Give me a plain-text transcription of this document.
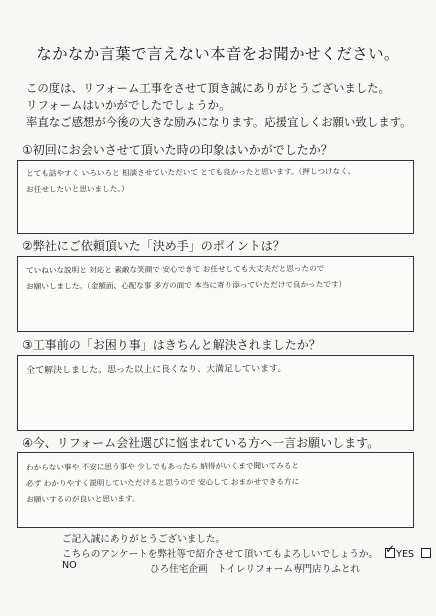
なかなか言葉で言えない本音をお聞かせください。
この度は、リフォーム工事をさせて頂き誠にありがとうございました。
リフォームはいかがでしたでしょうか。
率直なご感想が今後の大きな励みになります。応援宜しくお願い致します。
①初回にお会いさせて頂いた時の印象はいかがでしたか？
とても話やすく いろいろと 相談させていただいて とても良かったと思います。（押しつけなく、
お任せしたいと思いました。）
②弊社にご依頼頂いた「決め手」のポイントは？
ていねいな説明と 対応と 素敵な笑顔で 安心できて お任せしても大丈夫だと思ったので
お願いしました。（金額面、心配な事 多方の面で 本当に寄り添っていただけて良かったです）
③工事前の「お困り事」はきちんと解決されましたか？
全て解決しました。思った以上に良くなり、大満足しています。
④今、リフォーム会社選びに悩まれている方へ一言お願いします。
わからない事や 不安に思う事や 少しでもあったら 納得がいくまで聞いてみると
必ず わかりやすく説明していただけると思うので 安心して おまかせできる方に
お願いするのが良いと思います。
ご記入誠にありがとうございました。
こちらのアンケートを弊社等で紹介させて頂いてもよろしいでしょうか。 ✓ YES NO	ひろ住宅企画　トイレリフォーム専門店りふとれ
